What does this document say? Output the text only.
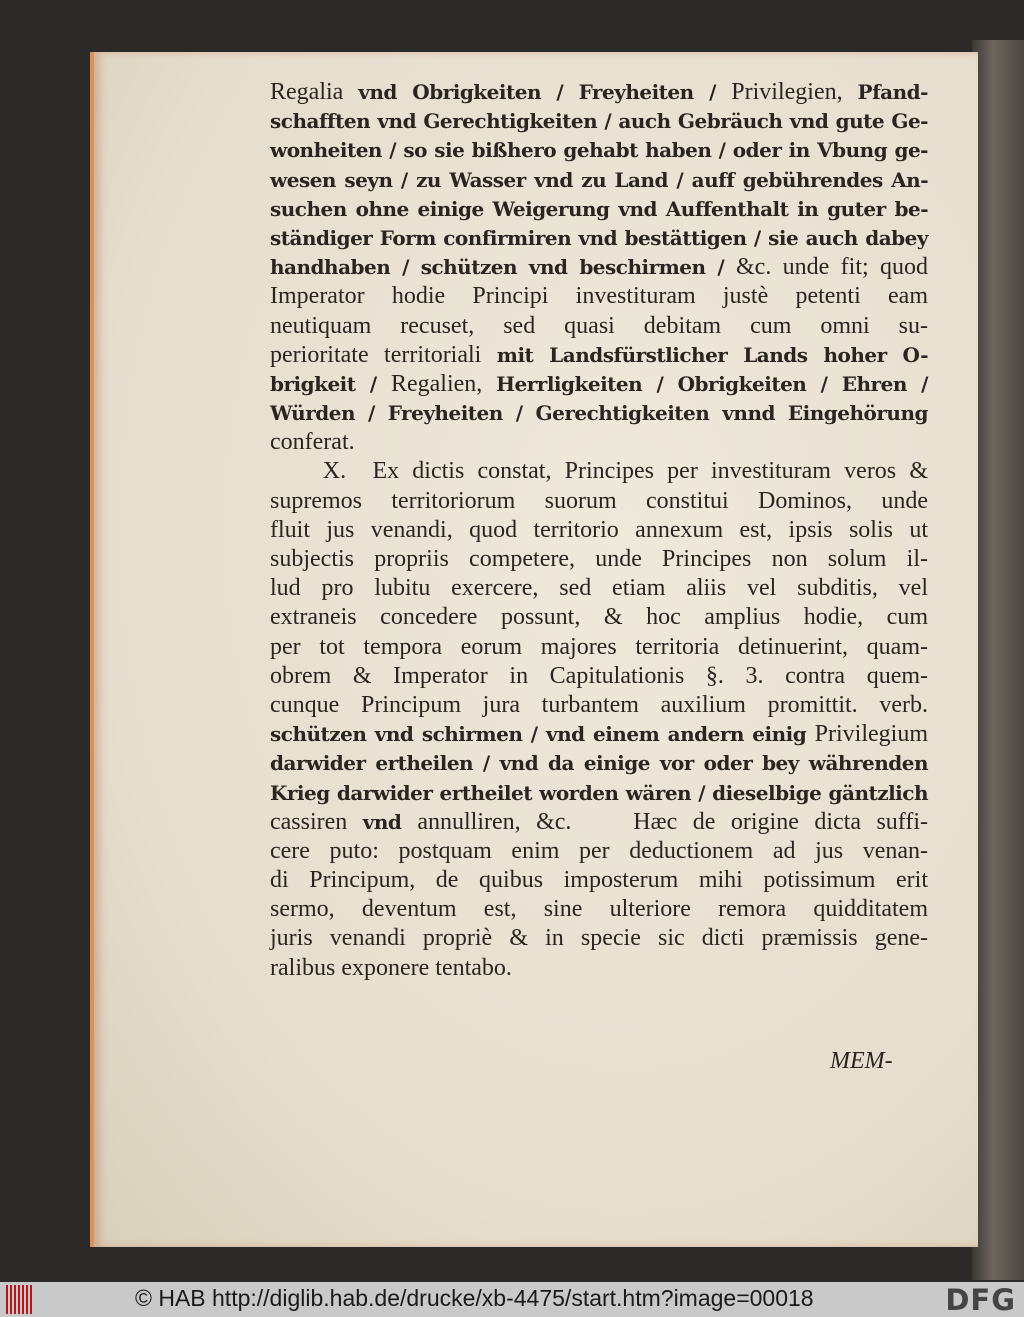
Regalia vnd Obrigkeiten / Freyheiten / Privilegien, Pfand-
schafften vnd Gerechtigkeiten / auch Gebräuch vnd gute Ge-
wonheiten / so sie bißhero gehabt haben / oder in Vbung ge-
wesen seyn / zu Wasser vnd zu Land / auff gebührendes An-
suchen ohne einige Weigerung vnd Auffenthalt in guter be-
ständiger Form confirmiren vnd bestättigen / sie auch dabey
handhaben / schützen vnd beschirmen / &c. unde fit; quod
Imperator hodie Principi investituram justè petenti eam
neutiquam recuset, sed quasi debitam cum omni su-
perioritate territoriali mit Landsfürstlicher Lands hoher O-
brigkeit / Regalien, Herrligkeiten / Obrigkeiten / Ehren /
Würden / Freyheiten / Gerechtigkeiten vnnd Eingehörung
conferat.
X.  Ex dictis constat, Principes per investituram veros &
supremos territoriorum suorum constitui Dominos, unde
fluit jus venandi, quod territorio annexum est, ipsis solis ut
subjectis propriis competere, unde Principes non solum il-
lud pro lubitu exercere, sed etiam aliis vel subditis, vel
extraneis concedere possunt, & hoc amplius hodie, cum
per tot tempora eorum majores territoria detinuerint, quam-
obrem & Imperator in Capitulationis §. 3. contra quem-
cunque Principum jura turbantem auxilium promittit. verb.
schützen vnd schirmen / vnd einem andern einig Privilegium
darwider ertheilen / vnd da einige vor oder bey währenden
Krieg darwider ertheilet worden wären / dieselbige gäntzlich
cassiren vnd annulliren, &c.    Hæc de origine dicta suffi-
cere puto: postquam enim per deductionem ad jus venan-
di Principum, de quibus imposterum mihi potissimum erit
sermo, deventum est, sine ulteriore remora quidditatem
juris venandi propriè & in specie sic dicti præmissis gene-
ralibus exponere tentabo.
MEM-
© HAB http://diglib.hab.de/drucke/xb-4475/start.htm?image=00018	DFG
